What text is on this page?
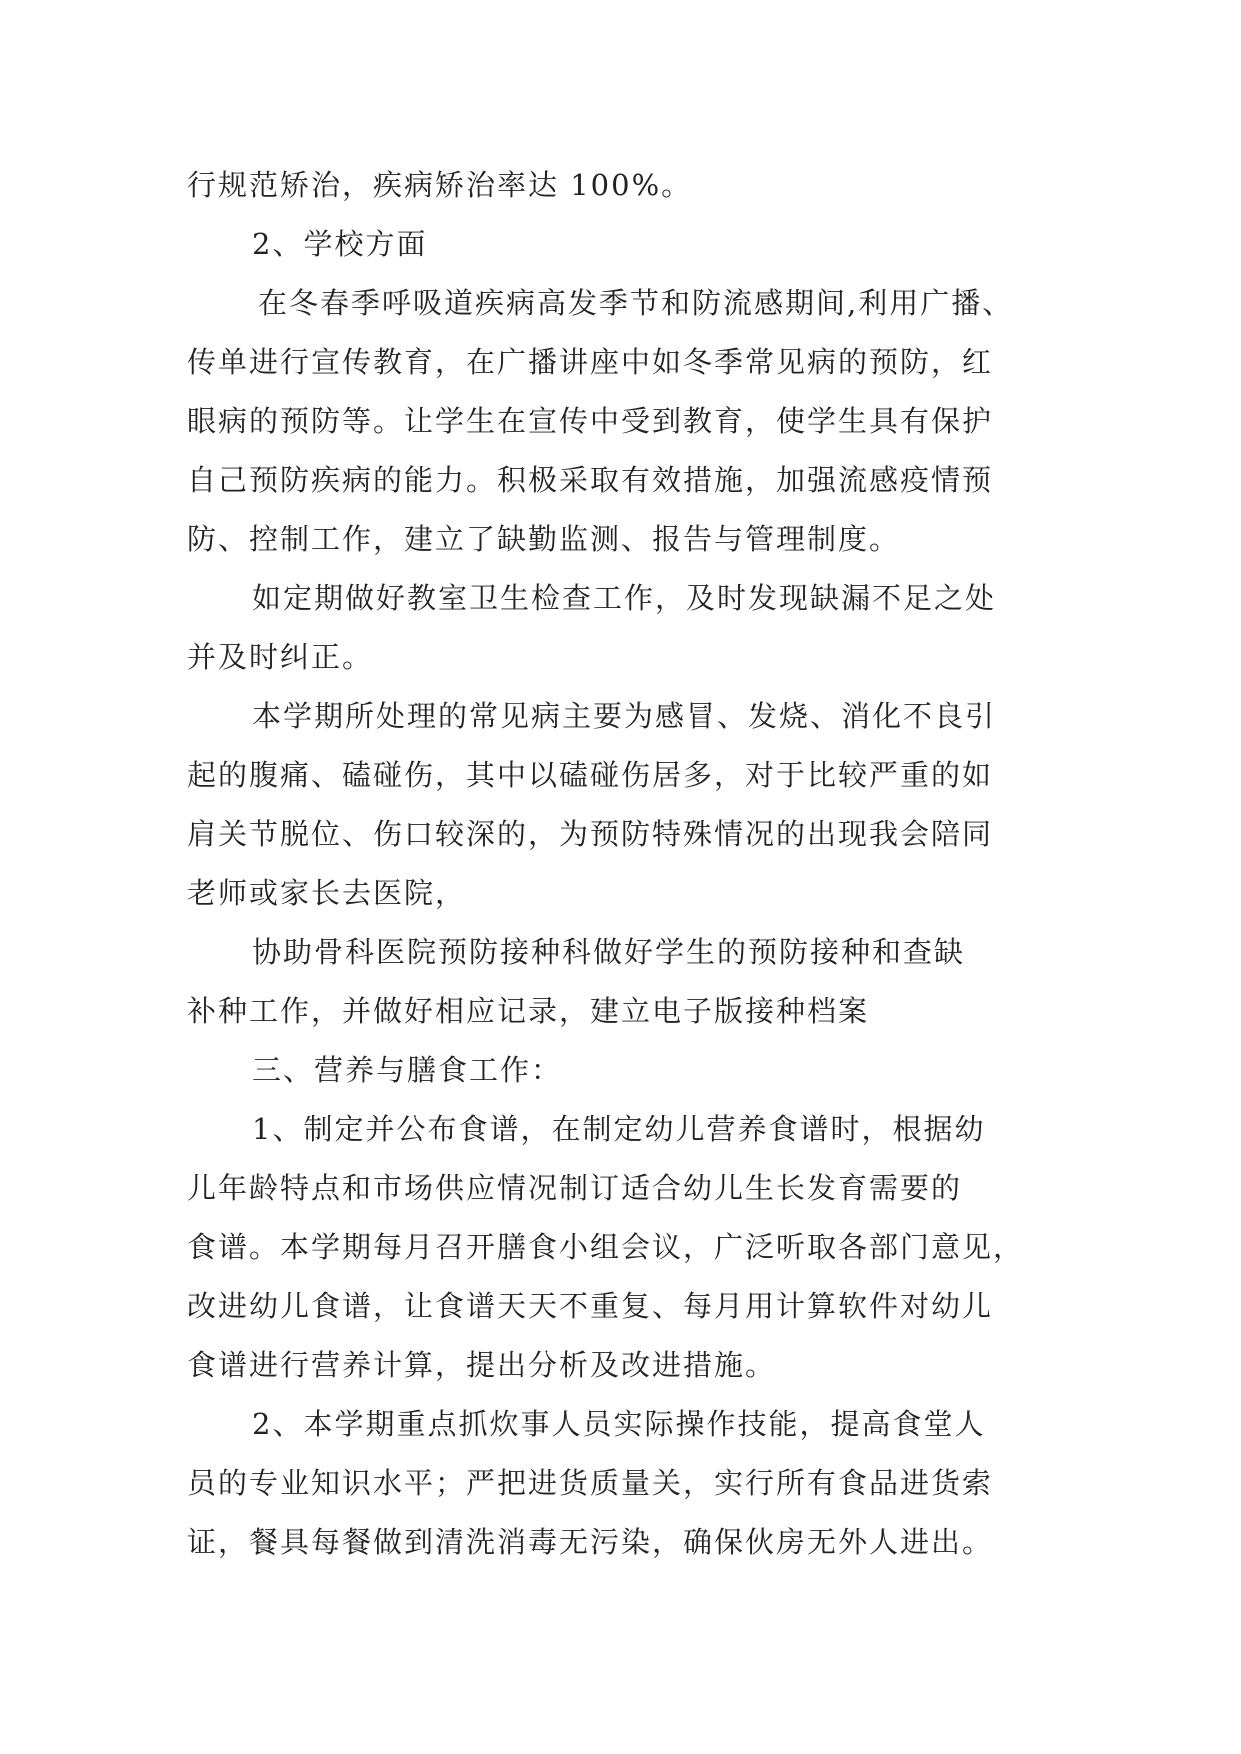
行规范矫治，疾病矫治率达 100%。

2、学校方面

在冬春季呼吸道疾病高发季节和防流感期间,利用广播、

传单进行宣传教育，在广播讲座中如冬季常见病的预防，红

眼病的预防等。让学生在宣传中受到教育，使学生具有保护

自己预防疾病的能力。积极采取有效措施，加强流感疫情预

防、控制工作，建立了缺勤监测、报告与管理制度。

如定期做好教室卫生检查工作，及时发现缺漏不足之处

并及时纠正。

本学期所处理的常见病主要为感冒、发烧、消化不良引

起的腹痛、磕碰伤，其中以磕碰伤居多，对于比较严重的如

肩关节脱位、伤口较深的，为预防特殊情况的出现我会陪同

老师或家长去医院，

协助骨科医院预防接种科做好学生的预防接种和查缺

补种工作，并做好相应记录，建立电子版接种档案

三、营养与膳食工作：

1、制定并公布食谱，在制定幼儿营养食谱时，根据幼

儿年龄特点和市场供应情况制订适合幼儿生长发育需要的

食谱。本学期每月召开膳食小组会议，广泛听取各部门意见，

改进幼儿食谱，让食谱天天不重复、每月用计算软件对幼儿

食谱进行营养计算，提出分析及改进措施。

2、本学期重点抓炊事人员实际操作技能，提高食堂人

员的专业知识水平；严把进货质量关，实行所有食品进货索

证，餐具每餐做到清洗消毒无污染，确保伙房无外人进出。
